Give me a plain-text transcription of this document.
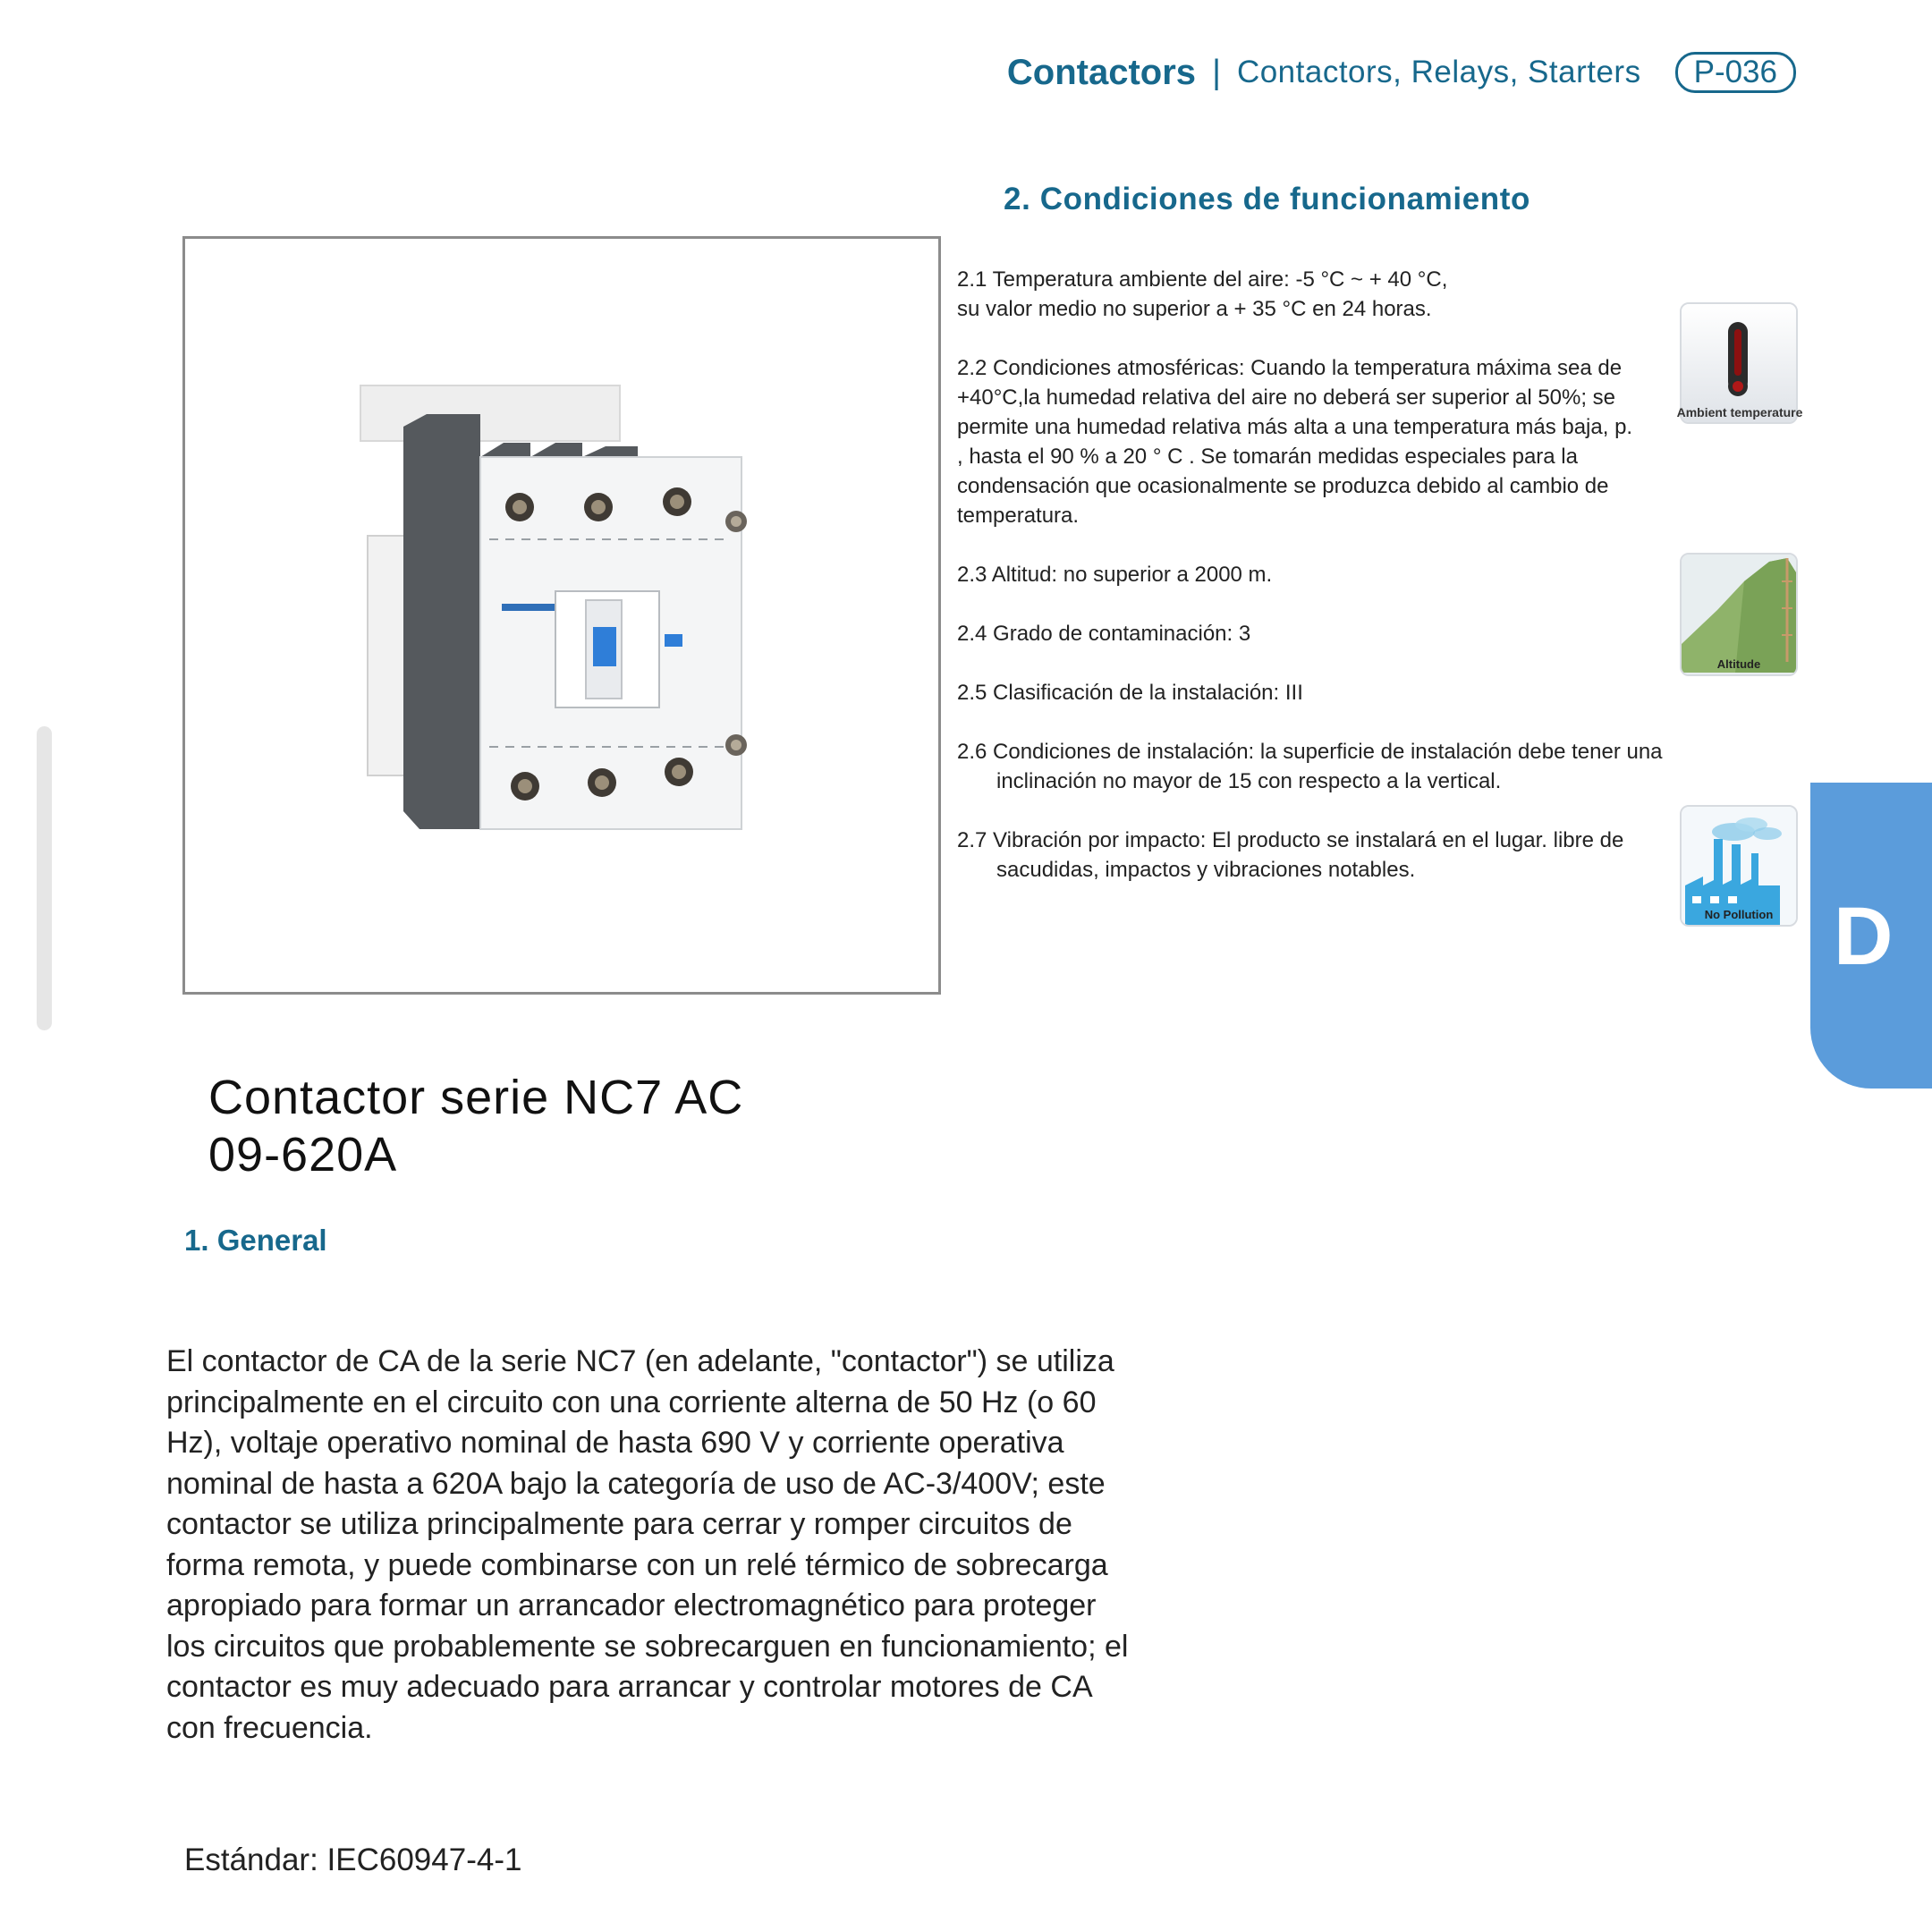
Contactors | Contactors, Relays, Starters	P-036
2. Condiciones de funcionamiento
2.1 Temperatura ambiente del aire: -5 °C ~ + 40 °C, su valor medio no superior a + 35 °C en 24 horas.
2.2 Condiciones atmosféricas: Cuando la temperatura máxima sea de +40°C,la humedad relativa del aire no deberá ser superior al 50%; se permite una humedad relativa más alta a una temperatura más baja, p. , hasta el 90 % a 20 ° C . Se tomarán medidas especiales para la condensación que ocasionalmente se produzca debido al cambio de temperatura.
2.3 Altitud: no superior a 2000 m.
2.4 Grado de contaminación: 3
2.5 Clasificación de la instalación: III
2.6 Condiciones de instalación: la superficie de instalación debe tener una inclinación no mayor de 15 con respecto a la vertical.
2.7 Vibración por impacto: El producto se instalará en el lugar. libre de sacudidas, impactos y vibraciones notables.
Ambient temperature
Altitude
No Pollution D
Contactor serie NC7 AC
09-620A
1. General
El contactor de CA de la serie NC7 (en adelante, "contactor") se utiliza principalmente en el circuito con una corriente alterna de 50 Hz (o 60 Hz), voltaje operativo nominal de hasta 690 V y corriente operativa nominal de hasta a 620A bajo la categoría de uso de AC-3/400V; este contactor se utiliza principalmente para cerrar y romper circuitos de forma remota, y puede combinarse con un relé térmico de sobrecarga apropiado para formar un arrancador electromagnético para proteger los circuitos que probablemente se sobrecarguen en funcionamiento; el contactor es muy adecuado para arrancar y controlar motores de CA con frecuencia.
Estándar: IEC60947-4-1
